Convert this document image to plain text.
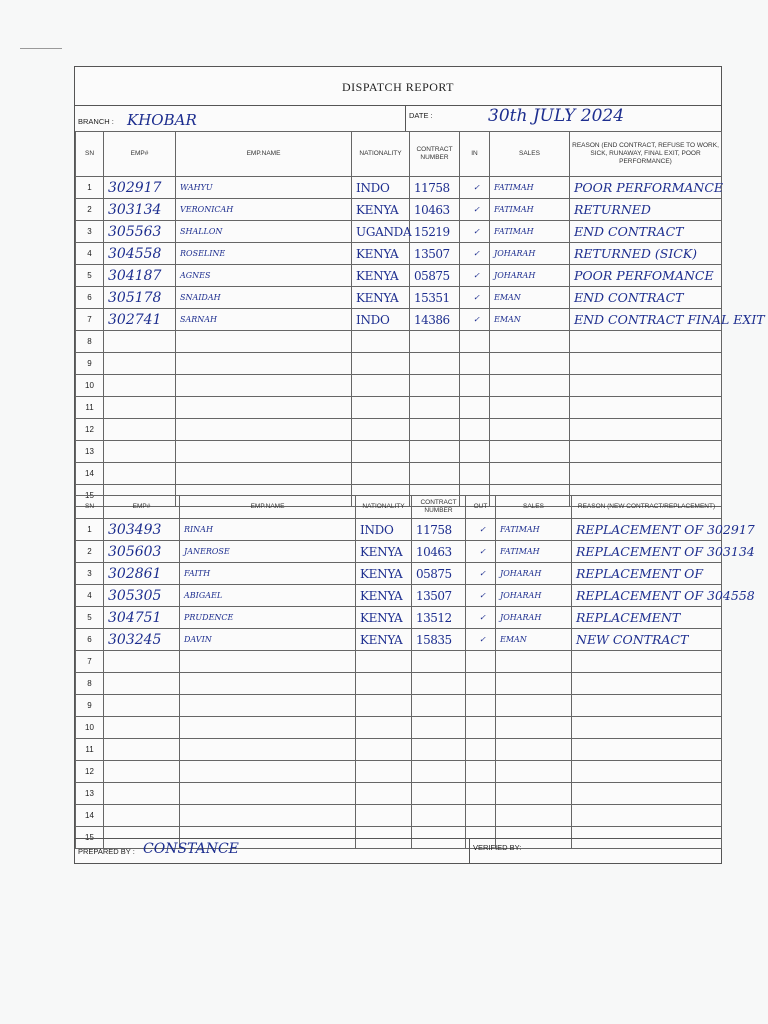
DISPATCH REPORT
BRANCH : KHOBAR	DATE :	30th JULY 2024
SN	EMP#	EMP.NAME	NATIONALITY	CONTRACT NUMBER	IN	SALES	REASON (END CONTRACT, REFUSE TO WORK, SICK, RUNAWAY, FINAL EXIT, POOR PERFORMANCE)
1	302917	WAHYU	INDO	11758	✓	FATIMAH	POOR PERFORMANCE
2	303134	VERONICAH	KENYA	10463	✓	FATIMAH	RETURNED
3	305563	SHALLON	UGANDA	15219	✓	FATIMAH	END CONTRACT
4	304558	ROSELINE	KENYA	13507	✓	JOHARAH	RETURNED (SICK)
5	304187	AGNES	KENYA	05875	✓	JOHARAH	POOR PERFOMANCE
6	305178	SNAIDAH	KENYA	15351	✓	EMAN	END CONTRACT
7	302741	SARNAH	INDO	14386	✓	EMAN	END CONTRACT FINAL EXIT
8							
9							
10							
11							
12							
13							
14							
15							
SN	EMP#	EMP.NAME	NATIONALITY	CONTRACT NUMBER	OUT	SALES	REASON (NEW CONTRACT/REPLACEMENT)
1	303493	RINAH	INDO	11758	✓	FATIMAH	REPLACEMENT OF 302917
2	305603	JANEROSE	KENYA	10463	✓	FATIMAH	REPLACEMENT OF 303134
3	302861	FAITH	KENYA	05875	✓	JOHARAH	REPLACEMENT OF
4	305305	ABIGAEL	KENYA	13507	✓	JOHARAH	REPLACEMENT OF 304558
5	304751	PRUDENCE	KENYA	13512	✓	JOHARAH	REPLACEMENT
6	303245	DAVIN	KENYA	15835	✓	EMAN	NEW CONTRACT
7							
8							
9							
10							
11							
12							
13							
14							
15							
PREPARED BY : CONSTANCE	VERIFIED BY:
